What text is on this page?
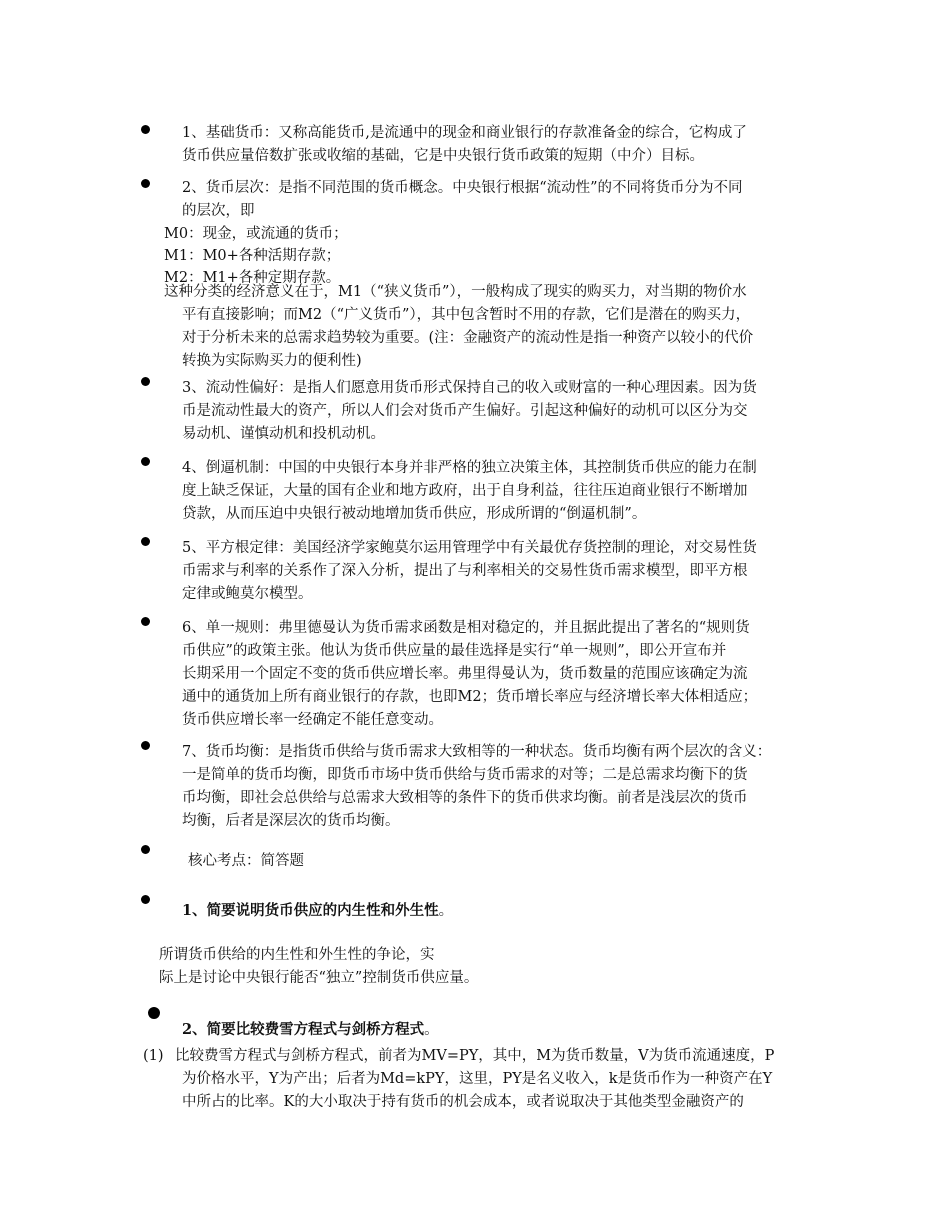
1、基础货币：又称高能货币,是流通中的现金和商业银行的存款准备金的综合，它构成了
货币供应量倍数扩张或收缩的基础，它是中央银行货币政策的短期（中介）目标。
2、货币层次：是指不同范围的货币概念。中央银行根据“流动性”的不同将货币分为不同
的层次，即
M0：现金，或流通的货币；
M1：M0+各种活期存款；
M2：M1+各种定期存款。
这种分类的经济意义在于，M1（“狭义货币”），一般构成了现实的购买力，对当期的物价水
平有直接影响；而M2（“广义货币”），其中包含暂时不用的存款，它们是潜在的购买力，
对于分析未来的总需求趋势较为重要。(注：金融资产的流动性是指一种资产以较小的代价
转换为实际购买力的便利性)
3、流动性偏好：是指人们愿意用货币形式保持自己的收入或财富的一种心理因素。因为货
币是流动性最大的资产，所以人们会对货币产生偏好。引起这种偏好的动机可以区分为交
易动机、谨慎动机和投机动机。
4、倒逼机制：中国的中央银行本身并非严格的独立决策主体，其控制货币供应的能力在制
度上缺乏保证，大量的国有企业和地方政府，出于自身利益，往往压迫商业银行不断增加
贷款，从而压迫中央银行被动地增加货币供应，形成所谓的“倒逼机制”。
5、平方根定律：美国经济学家鲍莫尔运用管理学中有关最优存货控制的理论，对交易性货
币需求与利率的关系作了深入分析，提出了与利率相关的交易性货币需求模型，即平方根
定律或鲍莫尔模型。
6、单一规则：弗里德曼认为货币需求函数是相对稳定的，并且据此提出了著名的“规则货
币供应”的政策主张。他认为货币供应量的最佳选择是实行“单一规则”，即公开宣布并
长期采用一个固定不变的货币供应增长率。弗里得曼认为，货币数量的范围应该确定为流
通中的通货加上所有商业银行的存款，也即M2；货币增长率应与经济增长率大体相适应；
货币供应增长率一经确定不能任意变动。
7、货币均衡：是指货币供给与货币需求大致相等的一种状态。货币均衡有两个层次的含义：
一是简单的货币均衡，即货币市场中货币供给与货币需求的对等；二是总需求均衡下的货
币均衡，即社会总供给与总需求大致相等的条件下的货币供求均衡。前者是浅层次的货币
均衡，后者是深层次的货币均衡。
核心考点：简答题
1、简要说明货币供应的内生性和外生性。
所谓货币供给的内生性和外生性的争论，实
际上是讨论中央银行能否“独立”控制货币供应量。
2、简要比较费雪方程式与剑桥方程式。
(1) 比较费雪方程式与剑桥方程式，前者为MV=PY，其中，M为货币数量，V为货币流通速度，P
为价格水平，Y为产出；后者为Md=kPY，这里，PY是名义收入，k是货币作为一种资产在Y
中所占的比率。K的大小取决于持有货币的机会成本，或者说取决于其他类型金融资产的
